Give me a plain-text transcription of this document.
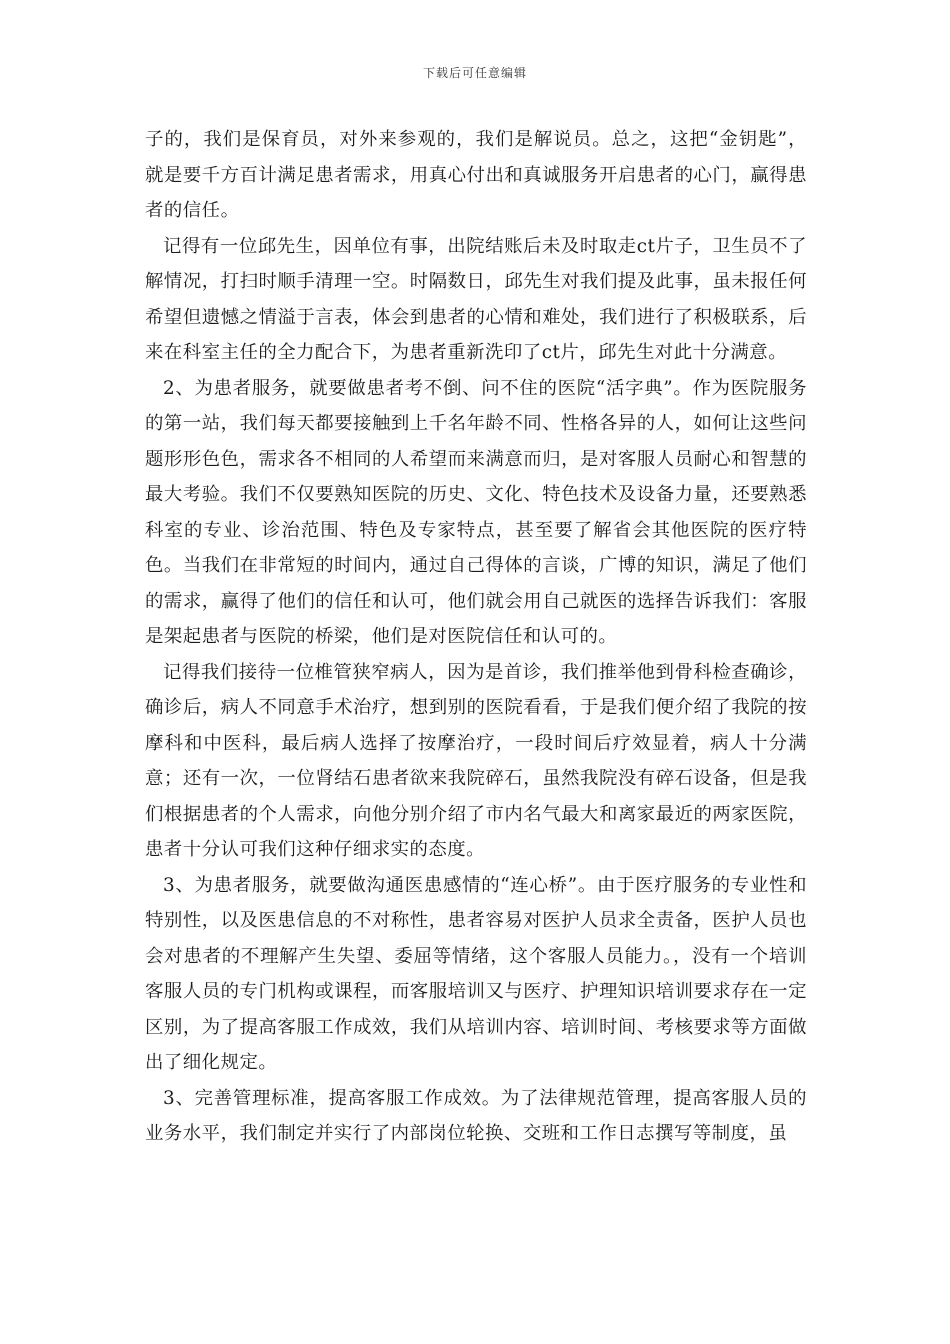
下载后可任意编辑

子的，我们是保育员，对外来参观的，我们是解说员。总之，这把“金钥匙”，就是要千方百计满足患者需求，用真心付出和真诚服务开启患者的心门，赢得患者的信任。

记得有一位邱先生，因单位有事，出院结账后未及时取走ct片子，卫生员不了解情况，打扫时顺手清理一空。时隔数日，邱先生对我们提及此事，虽未报任何希望但遗憾之情溢于言表，体会到患者的心情和难处，我们进行了积极联系，后来在科室主任的全力配合下，为患者重新洗印了ct片，邱先生对此十分满意。

2、为患者服务，就要做患者考不倒、问不住的医院“活字典”。作为医院服务的第一站，我们每天都要接触到上千名年龄不同、性格各异的人，如何让这些问题形形色色，需求各不相同的人希望而来满意而归，是对客服人员耐心和智慧的最大考验。我们不仅要熟知医院的历史、文化、特色技术及设备力量，还要熟悉科室的专业、诊治范围、特色及专家特点，甚至要了解省会其他医院的医疗特色。当我们在非常短的时间内，通过自己得体的言谈，广博的知识，满足了他们的需求，赢得了他们的信任和认可，他们就会用自己就医的选择告诉我们：客服是架起患者与医院的桥梁，他们是对医院信任和认可的。

记得我们接待一位椎管狭窄病人，因为是首诊，我们推举他到骨科检查确诊，确诊后，病人不同意手术治疗，想到别的医院看看，于是我们便介绍了我院的按摩科和中医科，最后病人选择了按摩治疗，一段时间后疗效显着，病人十分满意；还有一次，一位肾结石患者欲来我院碎石，虽然我院没有碎石设备，但是我们根据患者的个人需求，向他分别介绍了市内名气最大和离家最近的两家医院，患者十分认可我们这种仔细求实的态度。

3、为患者服务，就要做沟通医患感情的“连心桥”。由于医疗服务的专业性和特别性，以及医患信息的不对称性，患者容易对医护人员求全责备，医护人员也会对患者的不理解产生失望、委屈等情绪，这个客服人员能力。，没有一个培训客服人员的专门机构或课程，而客服培训又与医疗、护理知识培训要求存在一定区别，为了提高客服工作成效，我们从培训内容、培训时间、考核要求等方面做出了细化规定。

3、完善管理标准，提高客服工作成效。为了法律规范管理，提高客服人员的业务水平，我们制定并实行了内部岗位轮换、交班和工作日志撰写等制度，虽
